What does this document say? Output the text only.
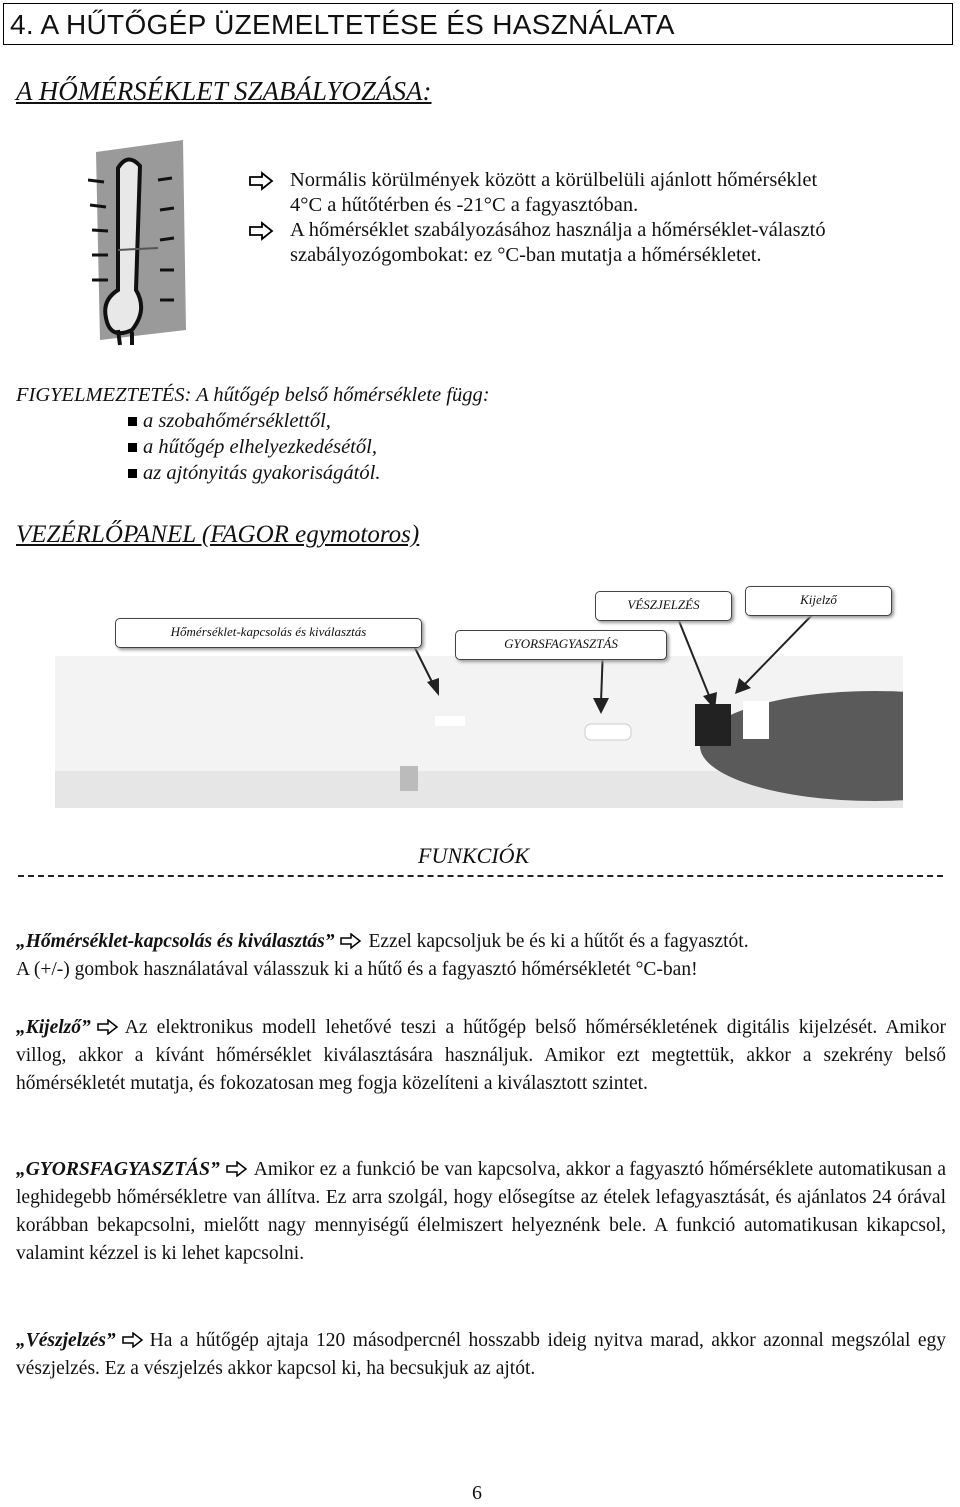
4. A HŰTŐGÉP ÜZEMELTETÉSE ÉS HASZNÁLATA
A HŐMÉRSÉKLET SZABÁLYOZÁSA:
Normális körülmények között a körülbelüli ajánlott hőmérséklet
4°C a hűtőtérben és -21°C a fagyasztóban.
A hőmérséklet szabályozásához használja a hőmérséklet-választó
szabályozógombokat: ez °C-ban mutatja a hőmérsékletet.
FIGYELMEZTETÉS: A hűtőgép belső hőmérséklete függ:
a szobahőmérséklettől,
a hűtőgép elhelyezkedésétől,
az ajtónyitás gyakoriságától.
VEZÉRLŐPANEL (FAGOR egymotoros)
Hőmérséklet-kapcsolás és kiválasztás
GYORSFAGYASZTÁS
VÉSZJELZÉS	Kijelző
FUNKCIÓK
„Hőmérséklet-kapcsolás és kiválasztás” Ezzel kapcsoljuk be és ki a hűtőt és a fagyasztót.
A (+/-) gombok használatával válasszuk ki a hűtő és a fagyasztó hőmérsékletét °C-ban!
„Kijelző” Az elektronikus modell lehetővé teszi a hűtőgép belső hőmérsékletének digitális kijelzését. Amikor villog, akkor a kívánt hőmérséklet kiválasztására használjuk. Amikor ezt megtettük, akkor a szekrény belső hőmérsékletét mutatja, és fokozatosan meg fogja közelíteni a kiválasztott szintet.
„GYORSFAGYASZTÁS” Amikor ez a funkció be van kapcsolva, akkor a fagyasztó hőmérséklete automatikusan a leghidegebb hőmérsékletre van állítva. Ez arra szolgál, hogy elősegítse az ételek lefagyasztását, és ajánlatos 24 órával korábban bekapcsolni, mielőtt nagy mennyiségű élelmiszert helyeznénk bele. A funkció automatikusan kikapcsol, valamint kézzel is ki lehet kapcsolni.
„Vészjelzés” Ha a hűtőgép ajtaja 120 másodpercnél hosszabb ideig nyitva marad, akkor azonnal megszólal egy vészjelzés. Ez a vészjelzés akkor kapcsol ki, ha becsukjuk az ajtót.
6
